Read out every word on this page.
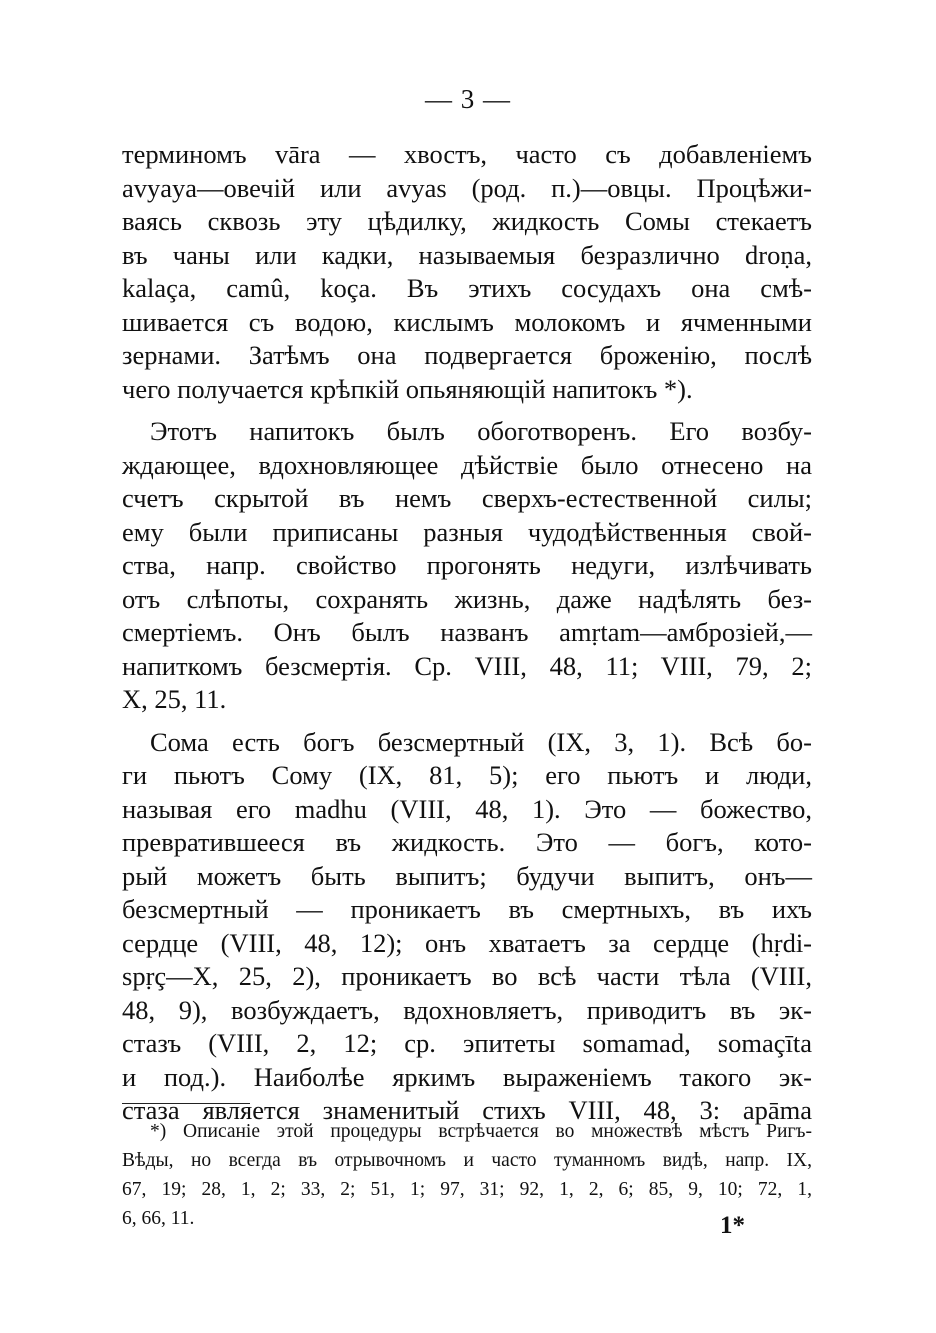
— 3 —
терминомъ vāra — хвостъ, часто съ добавленіемъ
avyaya—овечій или avyas (род. п.)—овцы. Процѣжи-
ваясь сквозь эту цѣдилку, жидкость Сомы стекаетъ
въ чаны или кадки, называемыя безразлично droṇa,
kalaça, camû, koça. Въ этихъ сосудахъ она смѣ-
шивается съ водою, кислымъ молокомъ и ячменными
зернами. Затѣмъ она подвергается броженію, послѣ
чего получается крѣпкій опьяняющій напитокъ *).
Этотъ напитокъ былъ обоготворенъ. Его возбу-
ждающее, вдохновляющее дѣйствіе было отнесено на
счетъ скрытой въ немъ сверхъ-естественной силы;
ему были приписаны разныя чудодѣйственныя свой-
ства, напр. свойство прогонять недуги, излѣчивать
отъ слѣпоты, сохранять жизнь, даже надѣлять без-
смертіемъ. Онъ былъ названъ amṛtam—амброзіей,—
напиткомъ безсмертія. Ср. VIII, 48, 11; VIII, 79, 2;
X, 25, 11.
Сома есть богъ безсмертный (IX, 3, 1). Всѣ бо-
ги пьютъ Сому (IX, 81, 5); его пьютъ и люди,
называя его madhu (VIII, 48, 1). Это — божество,
превратившееся въ жидкость. Это — богъ, кото-
рый можетъ быть выпитъ; будучи выпитъ, онъ—
безсмертный — проникаетъ въ смертныхъ, въ ихъ
сердце (VIII, 48, 12); онъ хватаетъ за сердце (hṛdi-
spṛç—X, 25, 2), проникаетъ во всѣ части тѣла (VIII,
48, 9), возбуждаетъ, вдохновляетъ, приводитъ въ эк-
стазъ (VIII, 2, 12; ср. эпитеты somamad, somaçīta
и под.). Наиболѣе яркимъ выраженіемъ такого эк-
стаза является знаменитый стихъ VIII, 48, 3: apāma
*) Описаніе этой процедуры встрѣчается во множествѣ мѣстъ Ригъ-
Вѣды, но всегда въ отрывочномъ и часто туманномъ видѣ, напр. IX,
67, 19; 28, 1, 2; 33, 2; 51, 1; 97, 31; 92, 1, 2, 6; 85, 9, 10; 72, 1,
6, 66, 11.	1*
